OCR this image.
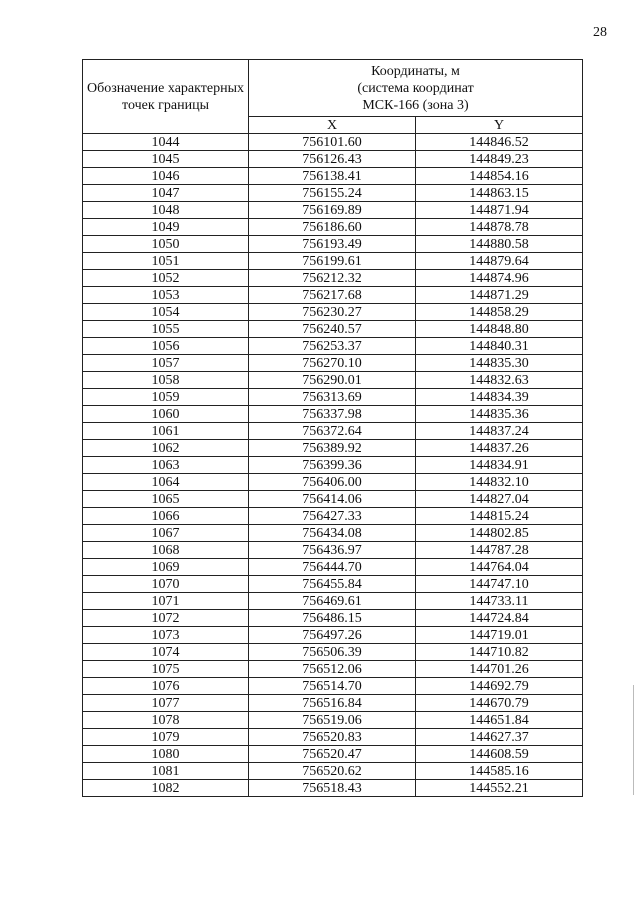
28
Обозначение характерных точек границы	Координаты, м
(система координат
МСК-166 (зона 3)	

	X	Y
1044	756101.60	144846.52
1045	756126.43	144849.23
1046	756138.41	144854.16
1047	756155.24	144863.15
1048	756169.89	144871.94
1049	756186.60	144878.78
1050	756193.49	144880.58
1051	756199.61	144879.64
1052	756212.32	144874.96
1053	756217.68	144871.29
1054	756230.27	144858.29
1055	756240.57	144848.80
1056	756253.37	144840.31
1057	756270.10	144835.30
1058	756290.01	144832.63
1059	756313.69	144834.39
1060	756337.98	144835.36
1061	756372.64	144837.24
1062	756389.92	144837.26
1063	756399.36	144834.91
1064	756406.00	144832.10
1065	756414.06	144827.04
1066	756427.33	144815.24
1067	756434.08	144802.85
1068	756436.97	144787.28
1069	756444.70	144764.04
1070	756455.84	144747.10
1071	756469.61	144733.11
1072	756486.15	144724.84
1073	756497.26	144719.01
1074	756506.39	144710.82
1075	756512.06	144701.26
1076	756514.70	144692.79
1077	756516.84	144670.79
1078	756519.06	144651.84
1079	756520.83	144627.37
1080	756520.47	144608.59
1081	756520.62	144585.16
1082	756518.43	144552.21
